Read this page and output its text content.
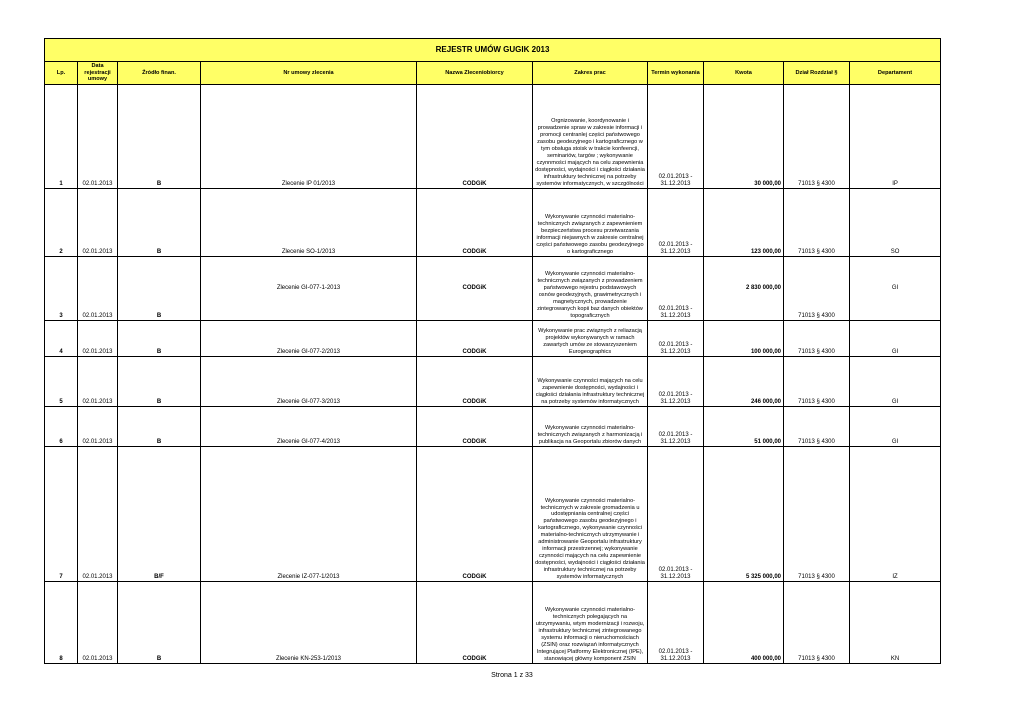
REJESTR UMÓW GUGIK 2013									
Lp.	Data rejestracji umowy	Źródło finan.	Nr umowy zlecenia	Nazwa Zleceniobiorcy	Zakres prac	Termin wykonania	Kwota	Dział Rozdział §	Departament
1	02.01.2013	B	Zlecenie IP 01/2013	CODGiK	Orgnizowanie, koordynowanie i prowadzenie spraw w zakresie informacji i promocji centranlej części państwowego zasobu geodezyjnego i kartograficznego w tym obsługa stoisk w trakcie konfeencji, seminariów, targów ; wykonywanie czynnmości mających na celu zapewnienia dostępności, wydajności i ciągłości działania infrastruktury technicznej na potrzeby systemów informatycznych, w szczgólności	02.01.2013 - 31.12.2013	30 000,00	71013 § 4300	IP
2	02.01.2013	B	Zlecenie SO-1/2013	CODGiK	Wykonywanie czynności materialno-technicznych związanych z zapewnieniem bezpieczeństwa procesu przetwarzania informacji niejawnych w zakresie centralnej części państwowego zasobu geodezyjnego o kartograficznego	02.01.2013 - 31.12.2013	123 000,00	71013 § 4300	SO
3	02.01.2013	B	Zlecenie GI-077-1-2013	CODGiK	Wykonywanie czynności materialno-technicznych związanych z prowadzeniem państwowego rejestru podstawowych osnów geodezyjnych, grawimetrycznych i magnetycznych, prowadzenie zintegrowanych kopii baz danych obiektów topograficznych	02.01.2013 - 31.12.2013	2 830 000,00	71013 § 4300	GI
4	02.01.2013	B	Zlecenie GI-077-2/2013	CODGiK	Wykonywanie prac związnych z reliazacją projektów wykonywanych w ramach zawartych umów ze stowarzyszeniem Eurogeographics	02.01.2013 - 31.12.2013	100 000,00	71013 § 4300	GI
5	02.01.2013	B	Zlecenie GI-077-3/2013	CODGiK	Wykonywanie czynności mających na celu zapewnienie dostępności, wydajności i ciągłości działania infrastruktury technicznej na potrzeby systemów informatycznych	02.01.2013 - 31.12.2013	246 000,00	71013 § 4300	GI
6	02.01.2013	B	Zlecenie GI-077-4/2013	CODGiK	Wykonywanie czynności materialno-technicznych związanych z harmonizacją i publikacja na Geoportalu zbiorów danych	02.01.2013 - 31.12.2013	51 000,00	71013 § 4300	GI
7	02.01.2013	B/F	Zlecenie IZ-077-1/2013	CODGiK	Wykonywanie czynności materialno-technicznych w zakresie gromadzenia u udostępniania centralnej części państwowego zasobu geodezyjnego i kartograficznego, wykonywanie czynności materialno-technicznych utrzymywanie i administrowanie Geoportalu infrastruktury informacji przestrzennej; wykonywanie czynności mających na celu zapewnienie dostępności, wydajności i ciągłości działania infrastruktury technicznej na potrzeby systemów informatycznych	02.01.2013 - 31.12.2013	5 325 000,00	71013 § 4300	IZ
8	02.01.2013	B	Zlecenie KN-253-1/2013	CODGiK	Wykonywanie czynności materialno-technicznych polegających na utrzymywaniu, wtym modernizacji i rozwoju, infrastruktury technicznej zintegrowanego systemu informacji o nieruchomościach (ZSIN) oraz rozwiązań informatycznych Integrującej Platformy Elektronicznej (IPE), stanowiącej główny komponent ZSIN	02.01.2013 - 31.12.2013	400 000,00	71013 § 4300	KN
Strona 1 z 33
